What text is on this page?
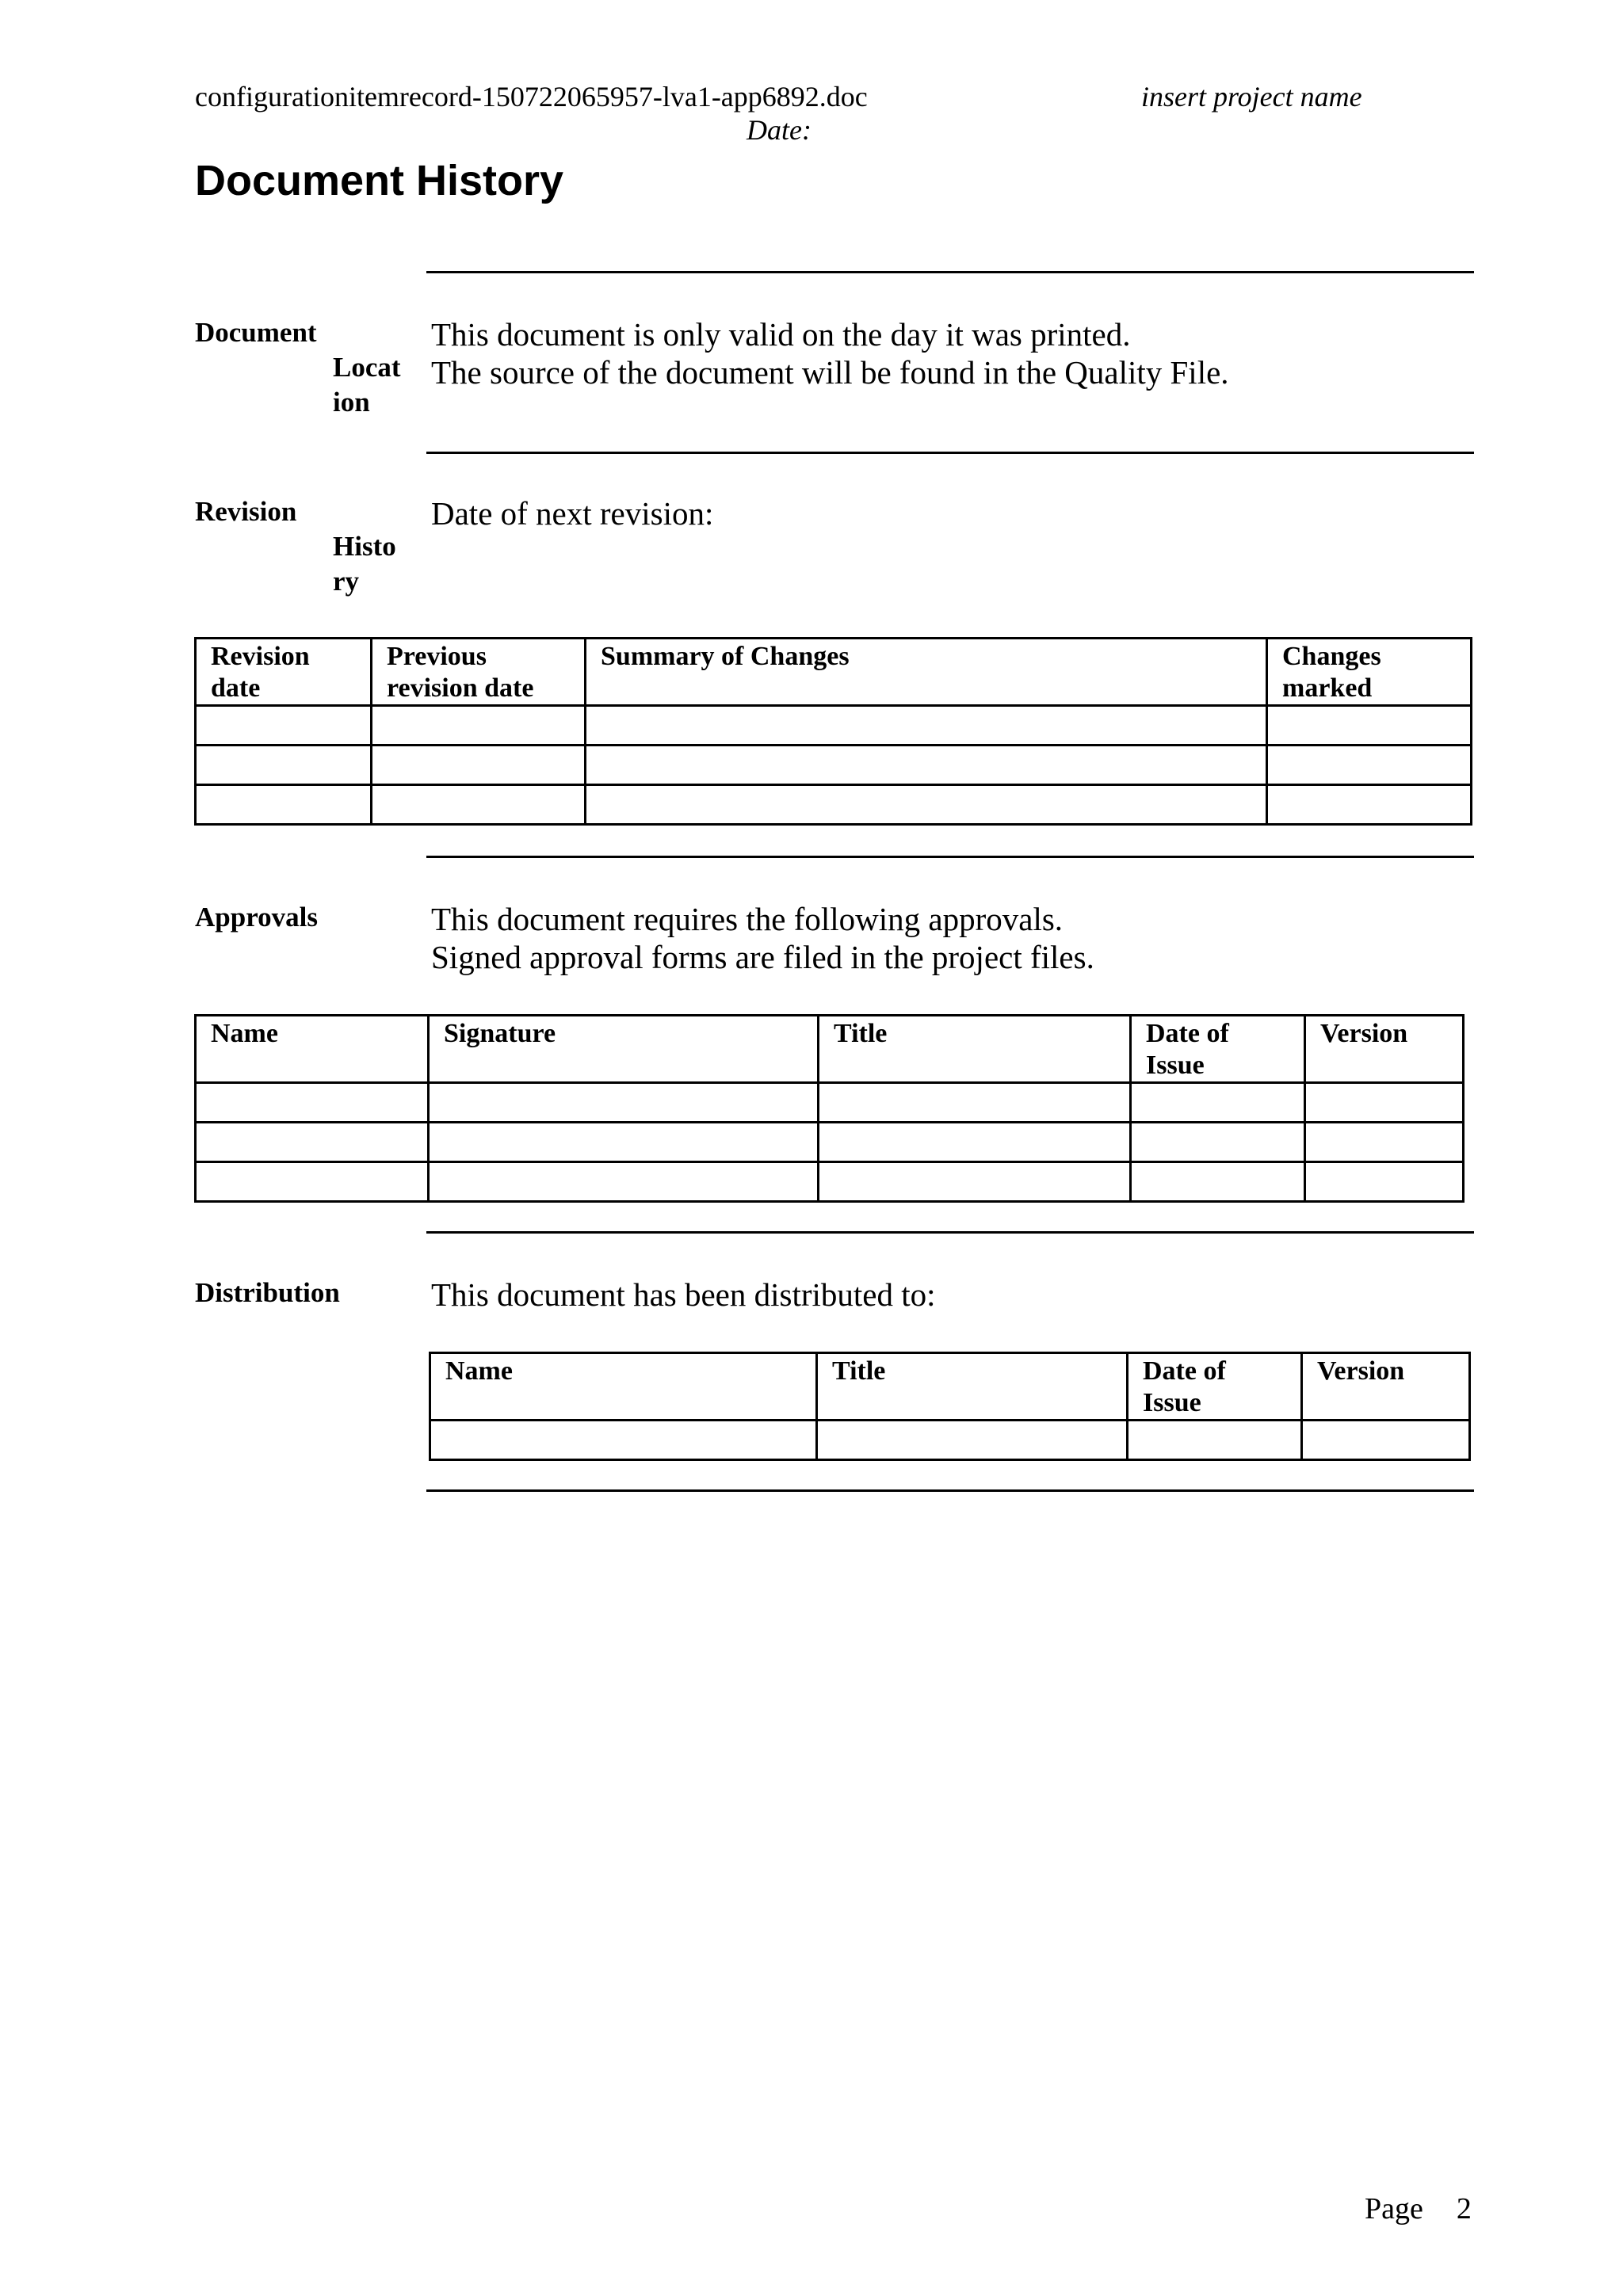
configurationitemrecord-150722065957-lva1-app6892.doc	insert project name
Date:
Document History
Document
Location
This document is only valid on the day it was printed.
The source of the document will be found in the Quality File.
Revision
History
Date of next revision:
Revision date	Previous revision date	Summary of Changes	Changes marked

Approvals	This document requires the following approvals.
Signed approval forms are filed in the project files.
Name	Signature	Title	Date of Issue	Version

Distribution	This document has been distributed to:
Name	Title	Date of Issue	Version

Page 2
